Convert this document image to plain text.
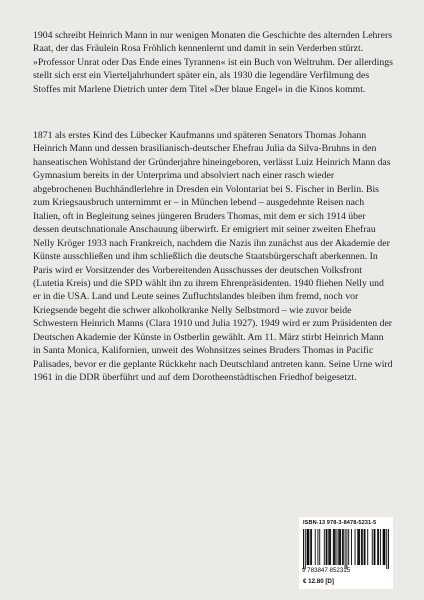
1904 schreibt Heinrich Mann in nur wenigen Monaten die Geschichte des alternden Lehrers Raat, der das Fräulein Rosa Fröhlich kennenlernt und damit in sein Verderben stürzt. »Professor Unrat oder Das Ende eines Tyrannen« ist ein Buch von Weltruhm. Der allerdings stellt sich erst ein Vierteljahrhundert später ein, als 1930 die legendäre Verfilmung des Stoffes mit Marlene Dietrich unter dem Titel »Der blaue Engel« in die Kinos kommt.

1871 als erstes Kind des Lübecker Kaufmanns und späteren Senators Thomas Johann Heinrich Mann und dessen brasilianisch-deutscher Ehefrau Julia da Silva-Bruhns in den hanseatischen Wohlstand der Gründerjahre hineingeboren, verlässt Luiz Heinrich Mann das Gymnasium bereits in der Unterprima und absolviert nach einer rasch wieder abgebrochenen Buchhändlerlehre in Dresden ein Volontariat bei S. Fischer in Berlin. Bis zum Kriegsausbruch unternimmt er – in München lebend – ausgedehnte Reisen nach Italien, oft in Begleitung seines jüngeren Bruders Thomas, mit dem er sich 1914 über dessen deutschnationale Anschauung überwirft. Er emigriert mit seiner zweiten Ehefrau Nelly Kröger 1933 nach Frankreich, nachdem die Nazis ihn zunächst aus der Akademie der Künste ausschließen und ihm schließlich die deutsche Staatsbürgerschaft aberkennen. In Paris wird er Vorsitzender des Vorbereitenden Ausschusses der deutschen Volksfront (Lutetia Kreis) und die SPD wählt ihn zu ihrem Ehrenpräsidenten. 1940 fliehen Nelly und er in die USA. Land und Leute seines Zufluchtslandes bleiben ihm fremd, noch vor Kriegsende begeht die schwer alkoholkranke Nelly Selbstmord – wie zuvor beide Schwestern Heinrich Manns (Clara 1910 und Julia 1927). 1949 wird er zum Präsidenten der Deutschen Akademie der Künste in Ostberlin gewählt. Am 11. März stirbt Heinrich Mann in Santa Monica, Kalifornien, unweit des Wohnsitzes seines Bruders Thomas in Pacific Palisades, bevor er die geplante Rückkehr nach Deutschland antreten kann. Seine Urne wird 1961 in die DDR überführt und auf dem Dorotheenstädtischen Friedhof beigesetzt.

ISBN-13 978-3-8478-5231-5
9 783847 852315
€ 12.80 [D]
